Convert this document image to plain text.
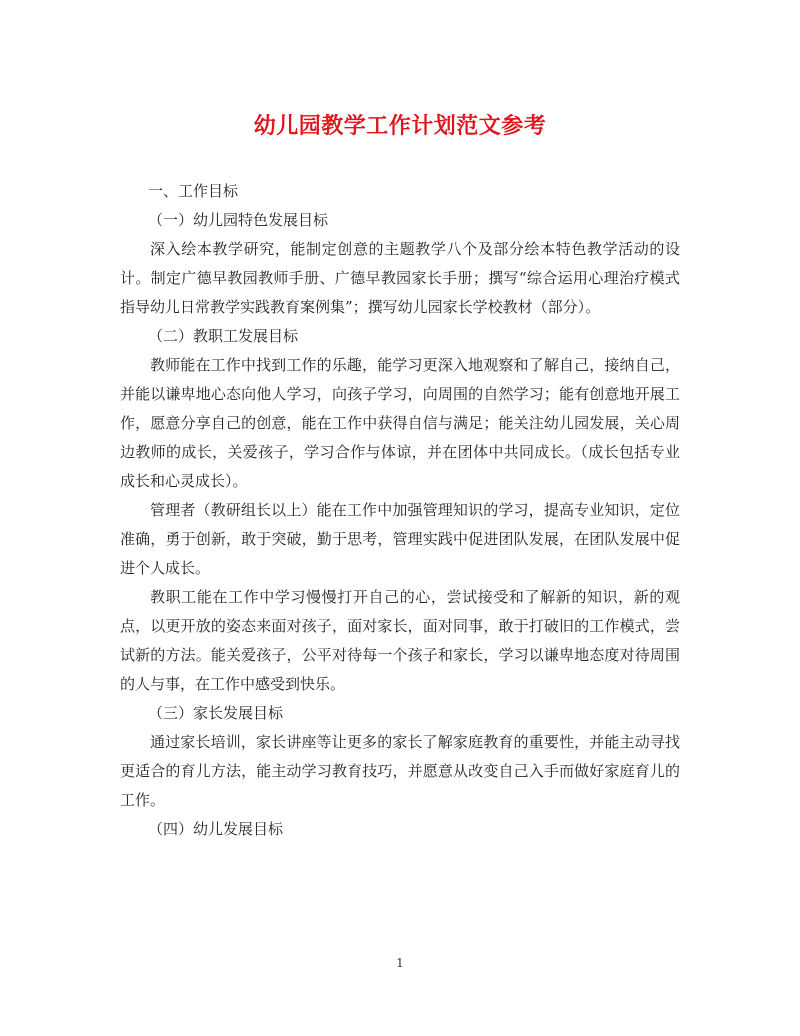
幼儿园教学工作计划范文参考

一、工作目标

（一）幼儿园特色发展目标

深入绘本教学研究，能制定创意的主题教学八个及部分绘本特色教学活动的设计。制定广德早教园教师手册、广德早教园家长手册；撰写“综合运用心理治疗模式指导幼儿日常教学实践教育案例集”；撰写幼儿园家长学校教材（部分）。

（二）教职工发展目标

教师能在工作中找到工作的乐趣，能学习更深入地观察和了解自己，接纳自己，并能以谦卑地心态向他人学习，向孩子学习，向周围的自然学习；能有创意地开展工作，愿意分享自己的创意，能在工作中获得自信与满足；能关注幼儿园发展，关心周边教师的成长，关爱孩子，学习合作与体谅，并在团体中共同成长。（成长包括专业成长和心灵成长）。

管理者（教研组长以上）能在工作中加强管理知识的学习，提高专业知识，定位准确，勇于创新，敢于突破，勤于思考，管理实践中促进团队发展，在团队发展中促进个人成长。

教职工能在工作中学习慢慢打开自己的心，尝试接受和了解新的知识，新的观点，以更开放的姿态来面对孩子，面对家长，面对同事，敢于打破旧的工作模式，尝试新的方法。能关爱孩子，公平对待每一个孩子和家长，学习以谦卑地态度对待周围的人与事，在工作中感受到快乐。

（三）家长发展目标

通过家长培训，家长讲座等让更多的家长了解家庭教育的重要性，并能主动寻找更适合的育儿方法，能主动学习教育技巧，并愿意从改变自己入手而做好家庭育儿的工作。

（四）幼儿发展目标

1
